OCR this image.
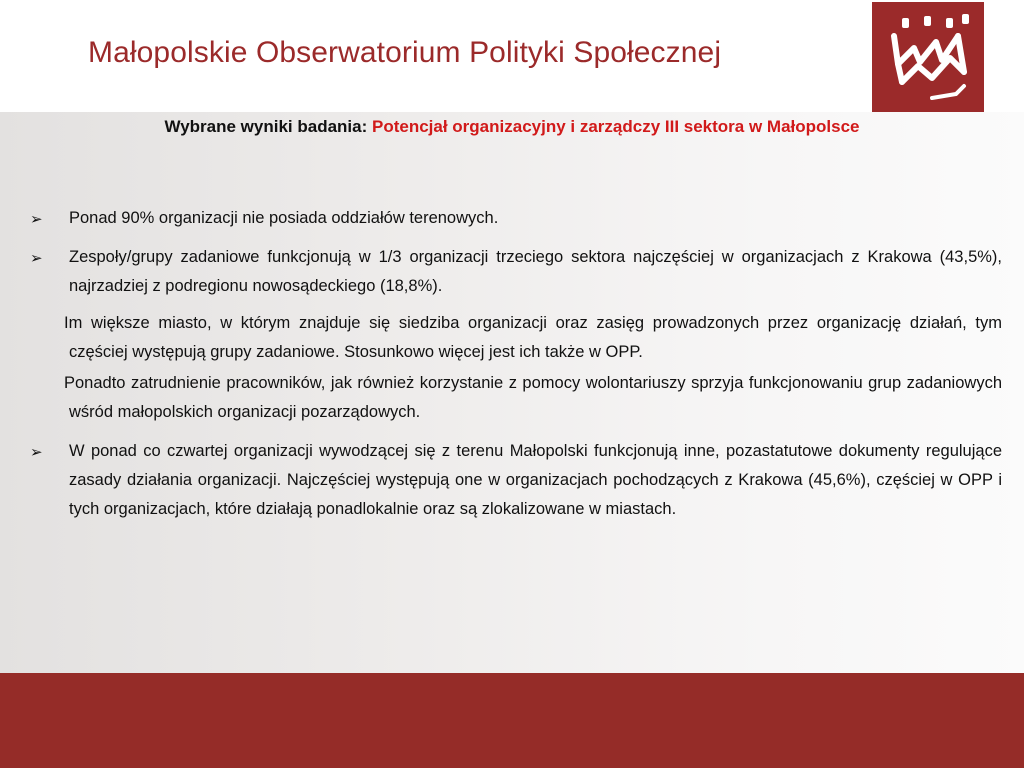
Małopolskie Obserwatorium Polityki Społecznej
Wybrane wyniki badania: Potencjał organizacyjny i zarządczy III sektora w Małopolsce
➢ Ponad 90% organizacji nie posiada oddziałów terenowych.
➢ Zespoły/grupy zadaniowe funkcjonują w 1/3 organizacji trzeciego sektora najczęściej w organizacjach z Krakowa (43,5%), najrzadziej z podregionu nowosądeckiego (18,8%).
Im większe miasto, w którym znajduje się siedziba organizacji oraz zasięg prowadzonych przez organizację działań, tym częściej występują grupy zadaniowe. Stosunkowo więcej jest ich także w OPP.
Ponadto zatrudnienie pracowników, jak również korzystanie z pomocy wolontariuszy sprzyja funkcjonowaniu grup zadaniowych wśród małopolskich organizacji pozarządowych.
➢ W ponad co czwartej organizacji wywodzącej się z terenu Małopolski funkcjonują inne, pozastatutowe dokumenty regulujące zasady działania organizacji. Najczęściej występują one w organizacjach pochodzących z Krakowa (45,6%), częściej w OPP i tych organizacjach, które działają ponadlokalnie oraz są zlokalizowane w miastach.
